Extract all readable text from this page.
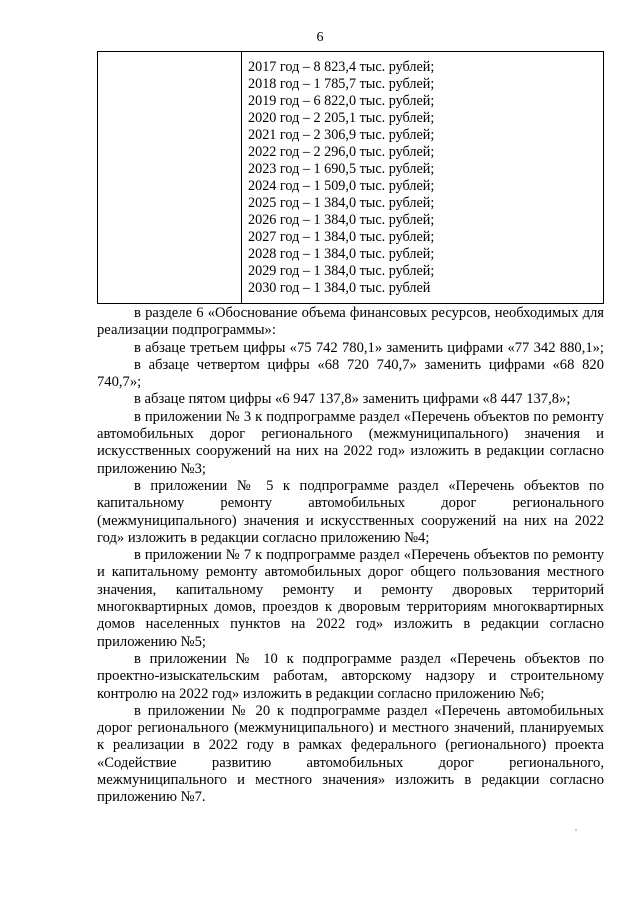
6

2017 год – 8 823,4 тыс. рублей;
2018 год – 1 785,7 тыс. рублей;
2019 год – 6 822,0 тыс. рублей;
2020 год – 2 205,1 тыс. рублей;
2021 год – 2 306,9 тыс. рублей;
2022 год – 2 296,0 тыс. рублей;
2023 год – 1 690,5 тыс. рублей;
2024 год – 1 509,0 тыс. рублей;
2025 год – 1 384,0 тыс. рублей;
2026 год – 1 384,0 тыс. рублей;
2027 год – 1 384,0 тыс. рублей;
2028 год – 1 384,0 тыс. рублей;
2029 год – 1 384,0 тыс. рублей;
2030 год – 1 384,0 тыс. рублей

в разделе 6 «Обоснование объема финансовых ресурсов, необходимых для реализации подпрограммы»:

в абзаце третьем цифры «75 742 780,1» заменить цифрами «77 342 880,1»;

в абзаце четвертом цифры «68 720 740,7» заменить цифрами «68 820 740,7»;

в абзаце пятом цифры «6 947 137,8» заменить цифрами «8 447 137,8»;

в приложении № 3 к подпрограмме раздел «Перечень объектов по ремонту автомобильных дорог регионального (межмуниципального) значения и искусственных сооружений на них на 2022 год» изложить в редакции согласно приложению №3;

в приложении № 5 к подпрограмме раздел «Перечень объектов по капитальному ремонту автомобильных дорог регионального (межмуниципального) значения и искусственных сооружений на них на 2022 год» изложить в редакции согласно приложению №4;

в приложении № 7 к подпрограмме раздел «Перечень объектов по ремонту и капитальному ремонту автомобильных дорог общего пользования местного значения, капитальному ремонту и ремонту дворовых территорий многоквартирных домов, проездов к дворовым территориям многоквартирных домов населенных пунктов на 2022 год» изложить в редакции согласно приложению №5;

в приложении № 10 к подпрограмме раздел «Перечень объектов по проектно-изыскательским работам, авторскому надзору и строительному контролю на 2022 год» изложить в редакции согласно приложению №6;

в приложении № 20 к подпрограмме раздел «Перечень автомобильных дорог регионального (межмуниципального) и местного значений, планируемых к реализации в 2022 году в рамках федерального (регионального) проекта «Содействие развитию автомобильных дорог регионального, межмуниципального и местного значения» изложить в редакции согласно приложению №7.
